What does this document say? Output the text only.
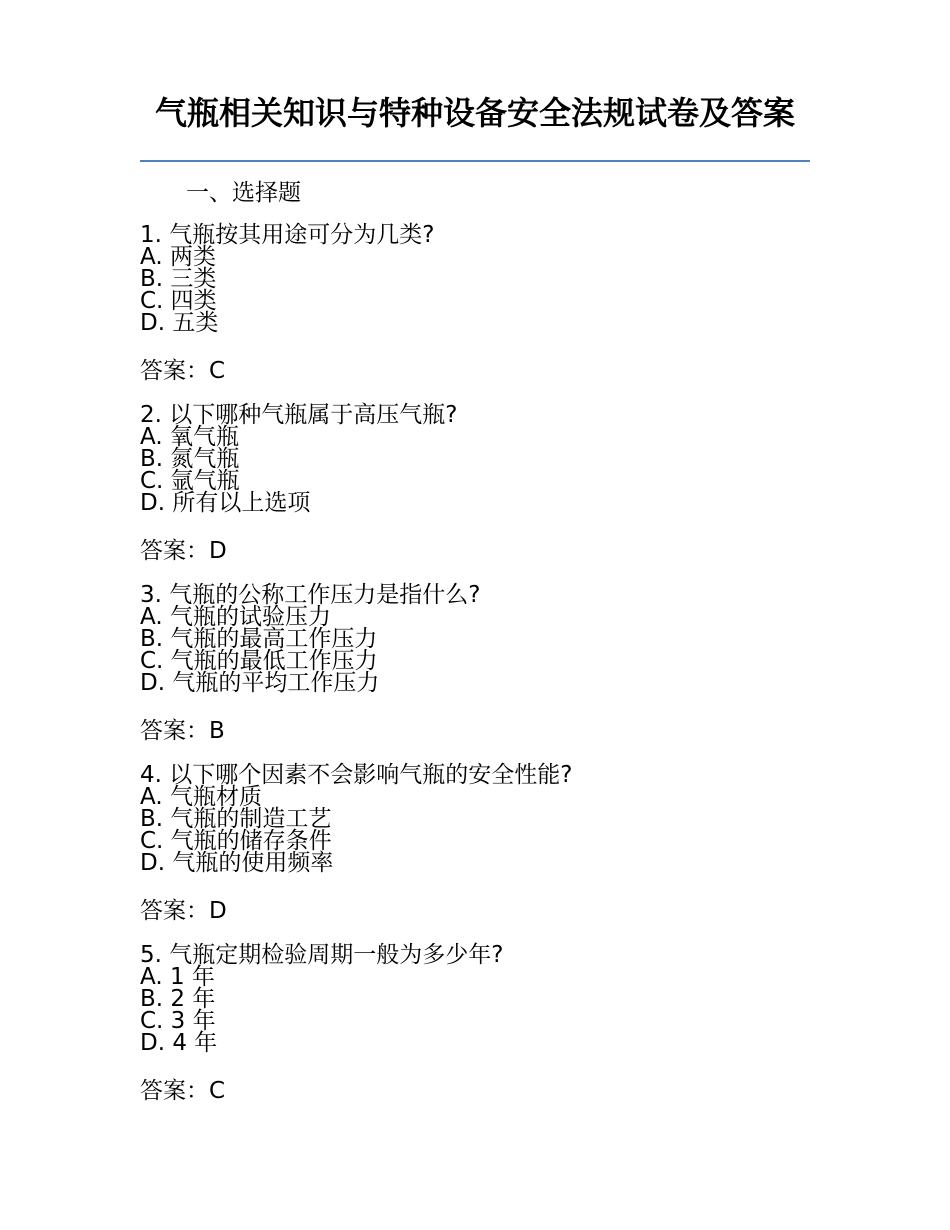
气瓶相关知识与特种设备安全法规试卷及答案
一、选择题
1. 气瓶按其用途可分为几类?
A. 两类
B. 三类
C. 四类
D. 五类
答案：C
2. 以下哪种气瓶属于高压气瓶?
A. 氧气瓶
B. 氮气瓶
C. 氩气瓶
D. 所有以上选项
答案：D
3. 气瓶的公称工作压力是指什么?
A. 气瓶的试验压力
B. 气瓶的最高工作压力
C. 气瓶的最低工作压力
D. 气瓶的平均工作压力
答案：B
4. 以下哪个因素不会影响气瓶的安全性能?
A. 气瓶材质
B. 气瓶的制造工艺
C. 气瓶的储存条件
D. 气瓶的使用频率
答案：D
5. 气瓶定期检验周期一般为多少年?
A. 1 年
B. 2 年
C. 3 年
D. 4 年
答案：C
